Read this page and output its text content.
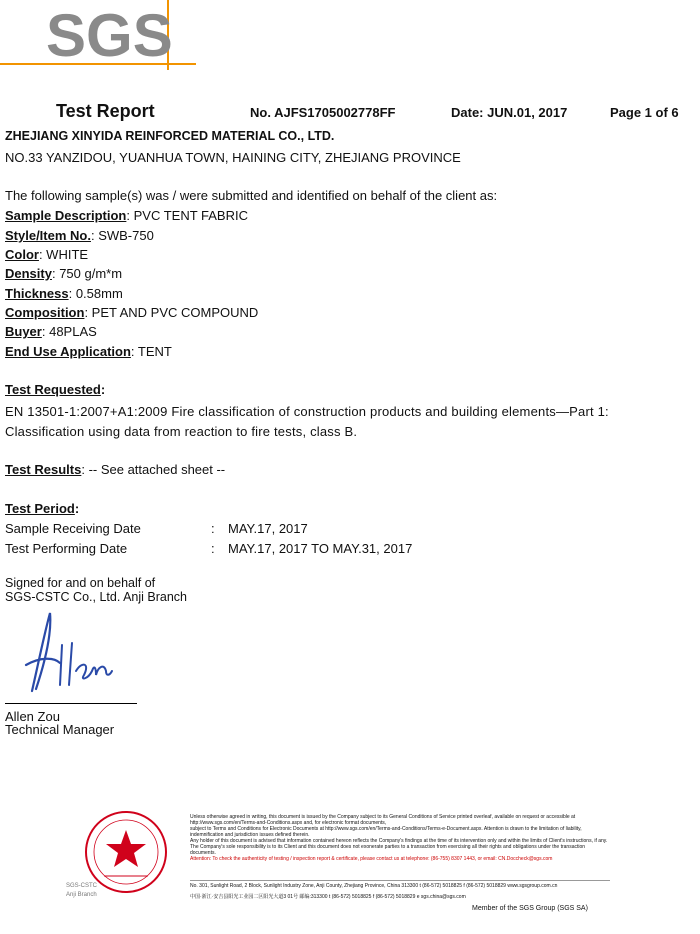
SGS
Test Report	No. AJFS1705002778FF	Date: JUN.01, 2017	Page 1 of 6
ZHEJIANG XINYIDA REINFORCED MATERIAL CO., LTD.
NO.33 YANZIDOU, YUANHUA TOWN, HAINING CITY, ZHEJIANG PROVINCE
The following sample(s) was / were submitted and identified on behalf of the client as:
Sample Description: PVC TENT FABRIC
Style/Item No.: SWB-750
Color: WHITE
Density: 750 g/m*m
Thickness: 0.58mm
Composition: PET AND PVC COMPOUND
Buyer: 48PLAS
End Use Application: TENT
Test Requested:
EN 13501-1:2007+A1:2009 Fire classification of construction products and building elements—Part 1:
Classification using data from reaction to fire tests, class B.
Test Results: -- See attached sheet --
Test Period:
Sample Receiving Date	: MAY.17, 2017
Test Performing Date	: MAY.17, 2017 TO MAY.31, 2017
Signed for and on behalf of
SGS-CSTC Co., Ltd. Anji Branch
Allen Zou
Technical Manager
SGS-CSTC
Anji Branch
Unless otherwise agreed in writing, this document is issued by the Company subject to its General Conditions of Service printed overleaf, available on request or accessible at http://www.sgs.com/en/Terms-and-Conditions.aspx and, for electronic format documents,
subject to Terms and Conditions for Electronic Documents at http://www.sgs.com/en/Terms-and-Conditions/Terms-e-Document.aspx. Attention is drawn to the limitation of liability, indemnification and jurisdiction issues defined therein.
Any holder of this document is advised that information contained hereon reflects the Company's findings at the time of its intervention only and within the limits of Client's instructions, if any.
The Company's sole responsibility is to its Client and this document does not exonerate parties to a transaction from exercising all their rights and obligations under the transaction documents.
Attention: To check the authenticity of testing / inspection report & certificate, please contact us at telephone: (86-755) 8307 1443, or email: CN.Doccheck@sgs.com
No. 301, Sunlight Road, 2 Block, Sunlight Industry Zone, Anji County, Zhejiang Province, China 313300 t (86-572) 5018825 f (86-572) 5018829 www.sgsgroup.com.cn
中国·浙江·安吉县阳光工业园二区阳光大道3 01号 邮编:313300 t (86-572) 5018825 f (86-572) 5018829 e sgs.china@sgs.com
Member of the SGS Group (SGS SA)
